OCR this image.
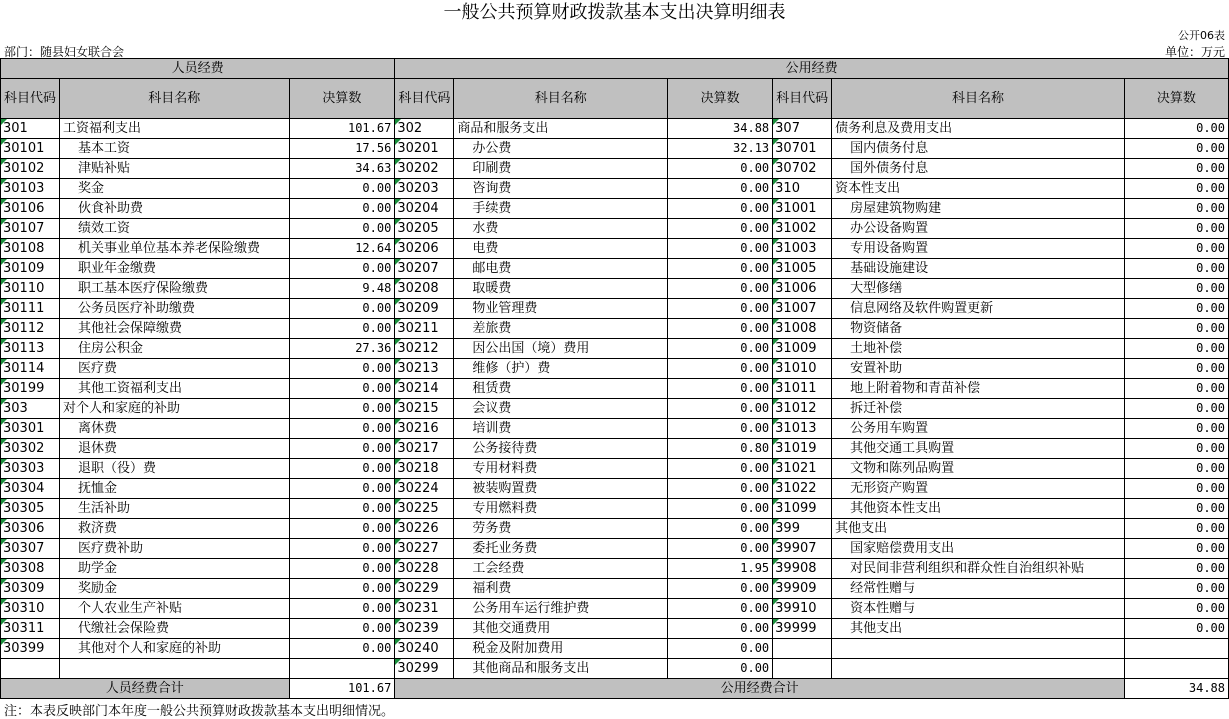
一般公共预算财政拨款基本支出决算明细表
公开06表
部门：随县妇女联合会	单位：万元
人员经费			公用经费					
科目代码	科目名称	决算数	科目代码	科目名称	决算数	科目代码	科目名称	决算数
301	工资福利支出	101.67	302	商品和服务支出	34.88	307	债务利息及费用支出	0.00
30101	基本工资	17.56	30201	办公费	32.13	30701	国内债务付息	0.00
30102	津贴补贴	34.63	30202	印刷费	0.00	30702	国外债务付息	0.00
30103	奖金	0.00	30203	咨询费	0.00	310	资本性支出	0.00
30106	伙食补助费	0.00	30204	手续费	0.00	31001	房屋建筑物购建	0.00
30107	绩效工资	0.00	30205	水费	0.00	31002	办公设备购置	0.00
30108	机关事业单位基本养老保险缴费	12.64	30206	电费	0.00	31003	专用设备购置	0.00
30109	职业年金缴费	0.00	30207	邮电费	0.00	31005	基础设施建设	0.00
30110	职工基本医疗保险缴费	9.48	30208	取暖费	0.00	31006	大型修缮	0.00
30111	公务员医疗补助缴费	0.00	30209	物业管理费	0.00	31007	信息网络及软件购置更新	0.00
30112	其他社会保障缴费	0.00	30211	差旅费	0.00	31008	物资储备	0.00
30113	住房公积金	27.36	30212	因公出国（境）费用	0.00	31009	土地补偿	0.00
30114	医疗费	0.00	30213	维修（护）费	0.00	31010	安置补助	0.00
30199	其他工资福利支出	0.00	30214	租赁费	0.00	31011	地上附着物和青苗补偿	0.00
303	对个人和家庭的补助	0.00	30215	会议费	0.00	31012	拆迁补偿	0.00
30301	离休费	0.00	30216	培训费	0.00	31013	公务用车购置	0.00
30302	退休费	0.00	30217	公务接待费	0.80	31019	其他交通工具购置	0.00
30303	退职（役）费	0.00	30218	专用材料费	0.00	31021	文物和陈列品购置	0.00
30304	抚恤金	0.00	30224	被装购置费	0.00	31022	无形资产购置	0.00
30305	生活补助	0.00	30225	专用燃料费	0.00	31099	其他资本性支出	0.00
30306	救济费	0.00	30226	劳务费	0.00	399	其他支出	0.00
30307	医疗费补助	0.00	30227	委托业务费	0.00	39907	国家赔偿费用支出	0.00
30308	助学金	0.00	30228	工会经费	1.95	39908	对民间非营利组织和群众性自治组织补贴	0.00
30309	奖励金	0.00	30229	福利费	0.00	39909	经常性赠与	0.00
30310	个人农业生产补贴	0.00	30231	公务用车运行维护费	0.00	39910	资本性赠与	0.00
30311	代缴社会保险费	0.00	30239	其他交通费用	0.00	39999	其他支出	0.00
30399	其他对个人和家庭的补助	0.00	30240	税金及附加费用	0.00			
			30299	其他商品和服务支出	0.00			
人员经费合计		101.67	公用经费合计					34.88
注：本表反映部门本年度一般公共预算财政拨款基本支出明细情况。
